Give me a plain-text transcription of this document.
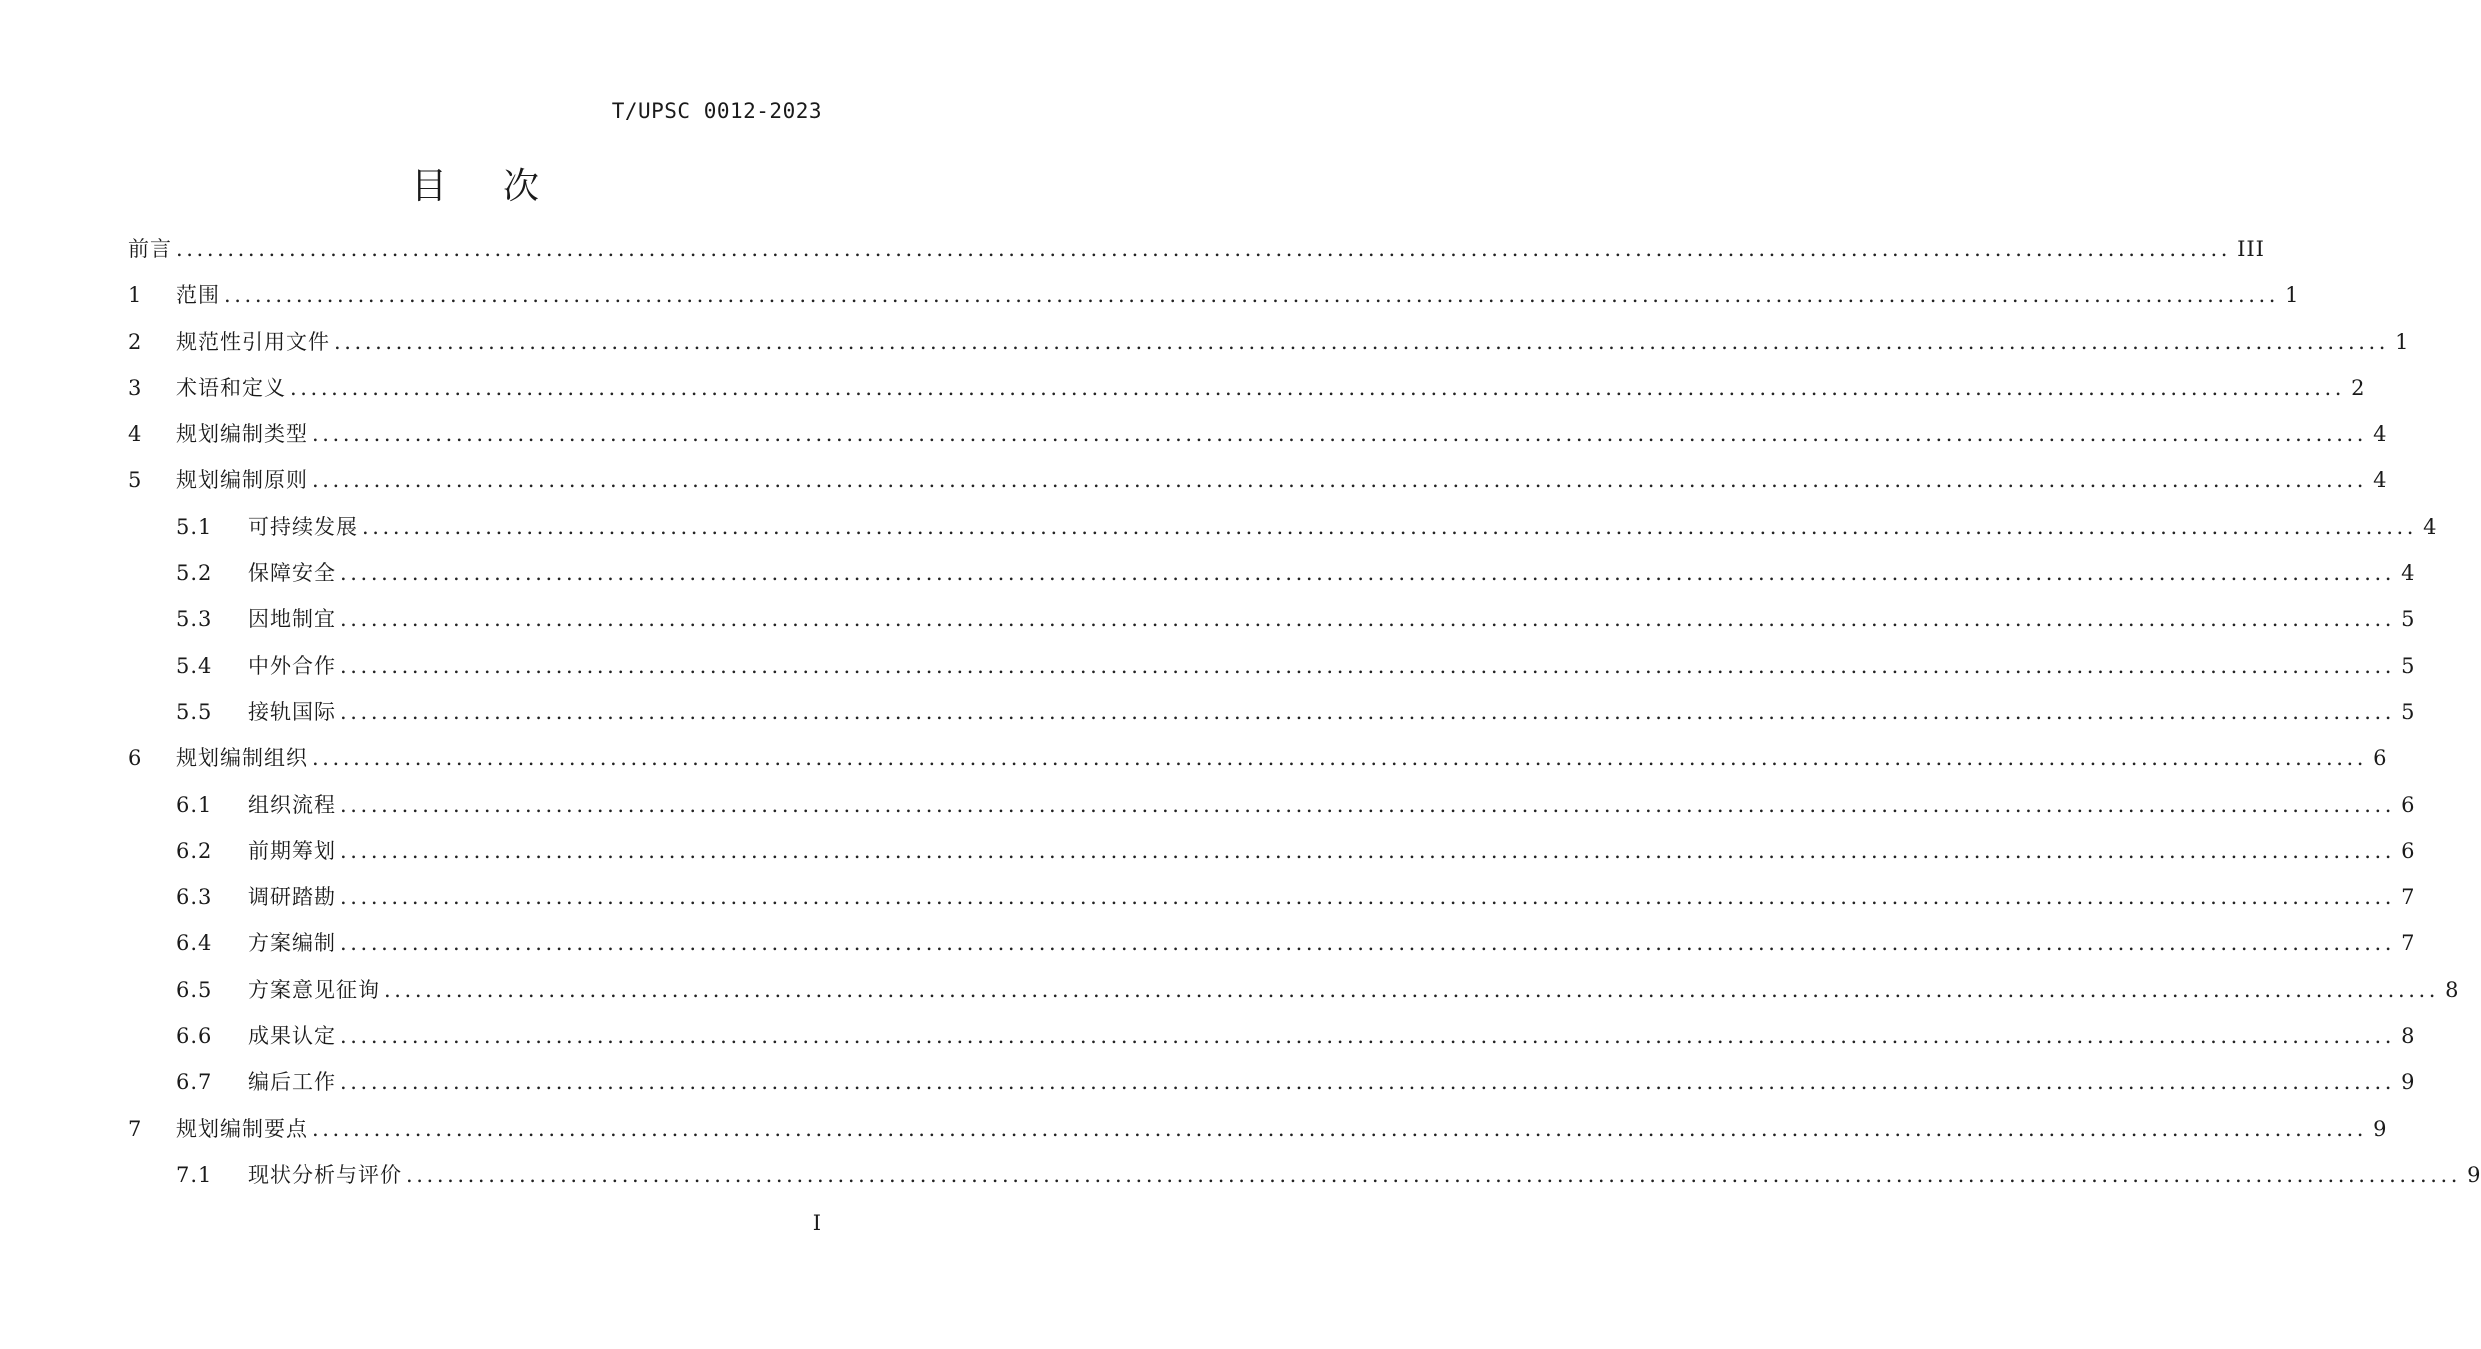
T/UPSC 0012-2023
目 次
前言 ........................................................................................................................................................................................................ III
1	范围 ........................................................................................................................................................................................................ 1
2	规范性引用文件 ........................................................................................................................................................................................................ 1
3	术语和定义 ........................................................................................................................................................................................................ 2
4	规划编制类型 ........................................................................................................................................................................................................ 4
5	规划编制原则 ........................................................................................................................................................................................................ 4
5.1	可持续发展 ........................................................................................................................................................................................................ 4
5.2	保障安全 ........................................................................................................................................................................................................ 4
5.3	因地制宜 ........................................................................................................................................................................................................ 5
5.4	中外合作 ........................................................................................................................................................................................................ 5
5.5	接轨国际 ........................................................................................................................................................................................................ 5
6	规划编制组织 ........................................................................................................................................................................................................ 6
6.1	组织流程 ........................................................................................................................................................................................................ 6
6.2	前期筹划 ........................................................................................................................................................................................................ 6
6.3	调研踏勘 ........................................................................................................................................................................................................ 7
6.4	方案编制 ........................................................................................................................................................................................................ 7
6.5	方案意见征询 ........................................................................................................................................................................................................ 8
6.6	成果认定 ........................................................................................................................................................................................................ 8
6.7	编后工作 ........................................................................................................................................................................................................ 9
7	规划编制要点 ........................................................................................................................................................................................................ 9
7.1	现状分析与评价 ........................................................................................................................................................................................................ 9
I
